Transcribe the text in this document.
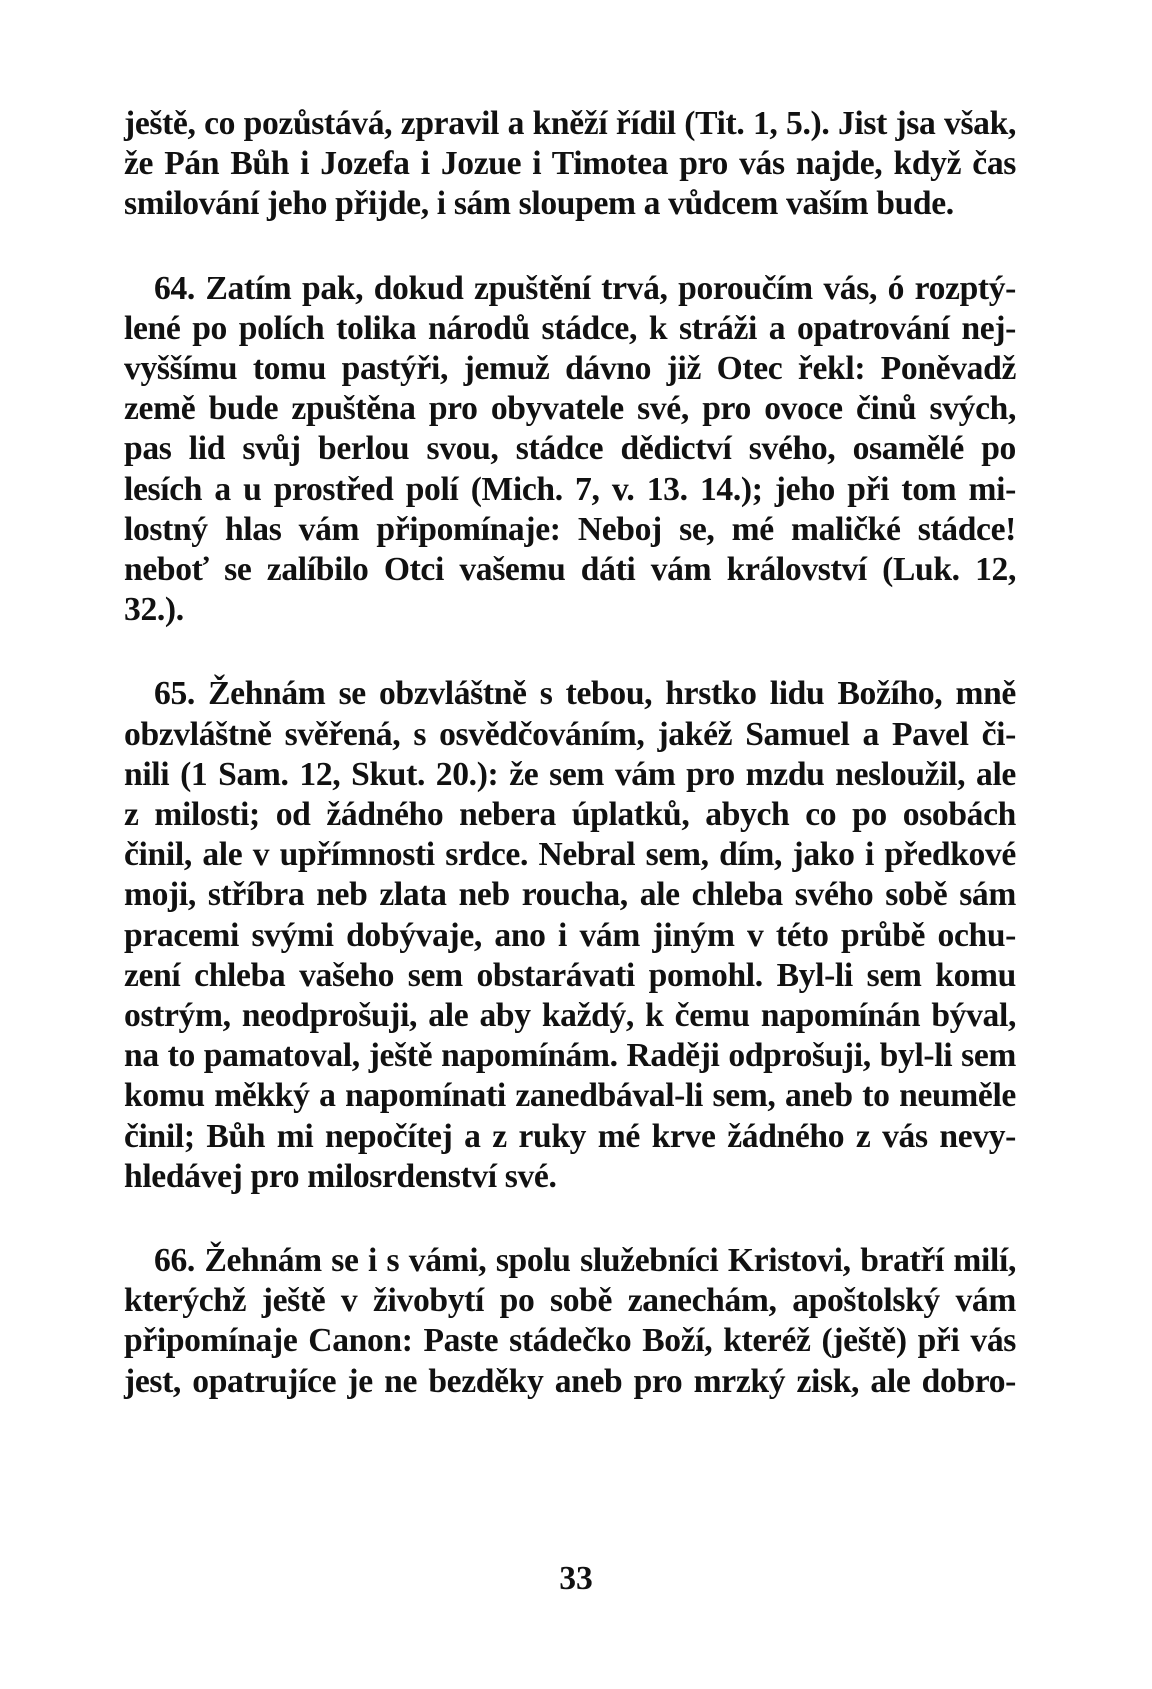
ještě, co pozůstává, zpravil a kněží řídil (Tit. 1, 5.). Jist jsa však,
že Pán Bůh i Jozefa i Jozue i Timotea pro vás najde, když čas
smilování jeho přijde, i sám sloupem a vůdcem vaším bude.

64. Zatím pak, dokud zpuštění trvá, poroučím vás, ó rozptý-
lené po polích tolika národů stádce, k stráži a opatrování nej-
vyššímu tomu pastýři, jemuž dávno již Otec řekl: Poněvadž
země bude zpuštěna pro obyvatele své, pro ovoce činů svých,
pas lid svůj berlou svou, stádce dědictví svého, osamělé po
lesích a u prostřed polí (Mich. 7, v. 13. 14.); jeho při tom mi-
lostný hlas vám připomínaje: Neboj se, mé maličké stádce!
neboť se zalíbilo Otci vašemu dáti vám království (Luk. 12,
32.).

65. Žehnám se obzvláštně s tebou, hrstko lidu Božího, mně
obzvláštně svěřená, s osvědčováním, jakéž Samuel a Pavel či-
nili (1 Sam. 12, Skut. 20.): že sem vám pro mzdu nesloužil, ale
z milosti; od žádného nebera úplatků, abych co po osobách
činil, ale v upřímnosti srdce. Nebral sem, dím, jako i předkové
moji, stříbra neb zlata neb roucha, ale chleba svého sobě sám
pracemi svými dobývaje, ano i vám jiným v této průbě ochu-
zení chleba vašeho sem obstarávati pomohl. Byl-li sem komu
ostrým, neodprošuji, ale aby každý, k čemu napomínán býval,
na to pamatoval, ještě napomínám. Raději odprošuji, byl-li sem
komu měkký a napomínati zanedbával-li sem, aneb to neuměle
činil; Bůh mi nepočítej a z ruky mé krve žádného z vás nevy-
hledávej pro milosrdenství své.

66. Žehnám se i s vámi, spolu služebníci Kristovi, bratří milí,
kterýchž ještě v živobytí po sobě zanechám, apoštolský vám
připomínaje Canon: Paste stádečko Boží, kteréž (ještě) při vás
jest, opatrujíce je ne bezděky aneb pro mrzký zisk, ale dobro-

33
